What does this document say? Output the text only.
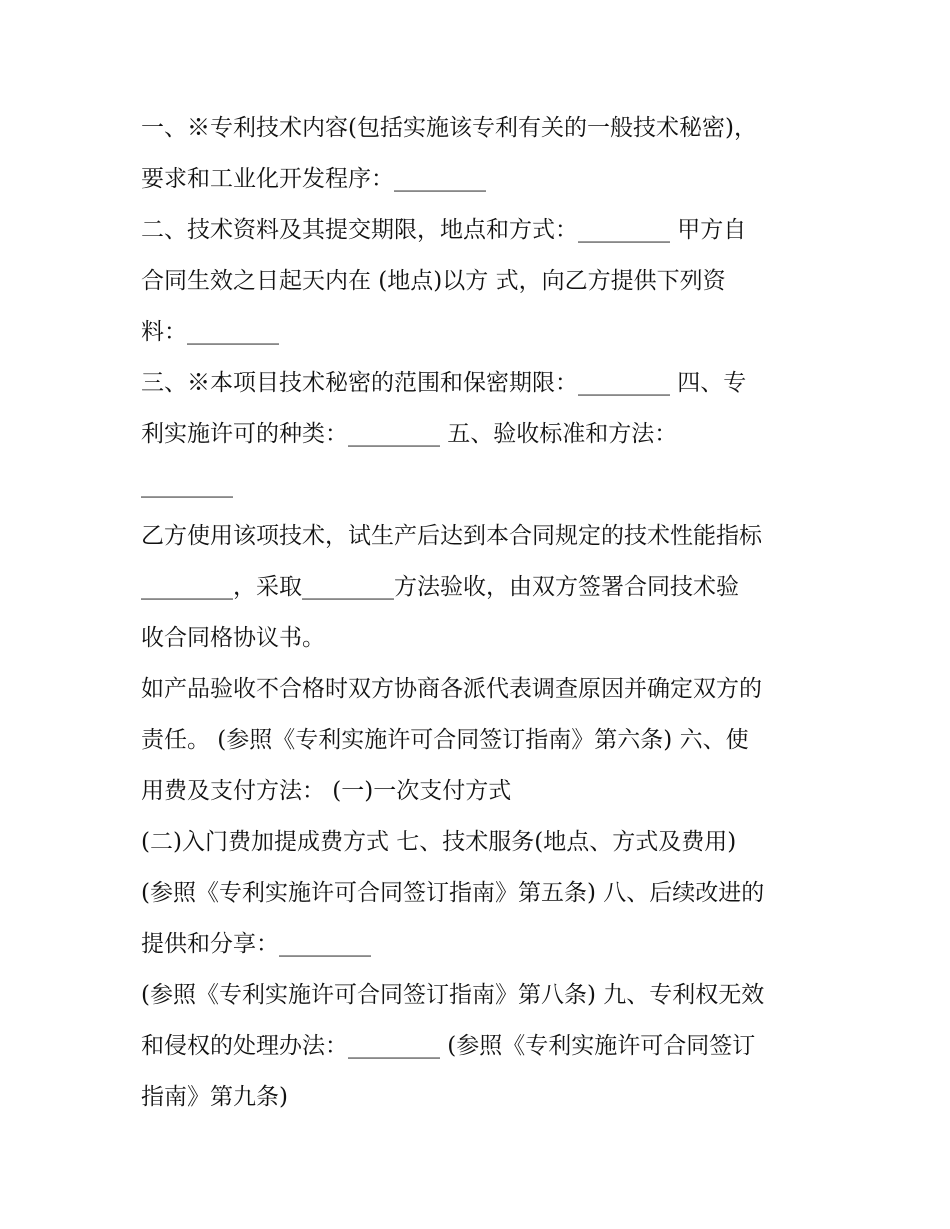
一、※专利技术内容(包括实施该专利有关的一般技术秘密)，
要求和工业化开发程序：________
二、技术资料及其提交期限，地点和方式：________ 甲方自
合同生效之日起天内在 (地点)以方 式，向乙方提供下列资
料：________
三、※本项目技术秘密的范围和保密期限：________ 四、专
利实施许可的种类：________ 五、验收标准和方法：
________
乙方使用该项技术，试生产后达到本合同规定的技术性能指标
________，采取________方法验收，由双方签署合同技术验
收合同格协议书。
如产品验收不合格时双方协商各派代表调查原因并确定双方的
责任。 (参照《专利实施许可合同签订指南》第六条) 六、使
用费及支付方法： (一)一次支付方式
(二)入门费加提成费方式 七、技术服务(地点、方式及费用)
(参照《专利实施许可合同签订指南》第五条) 八、后续改进的
提供和分享：________
(参照《专利实施许可合同签订指南》第八条) 九、专利权无效
和侵权的处理办法：________ (参照《专利实施许可合同签订
指南》第九条)
